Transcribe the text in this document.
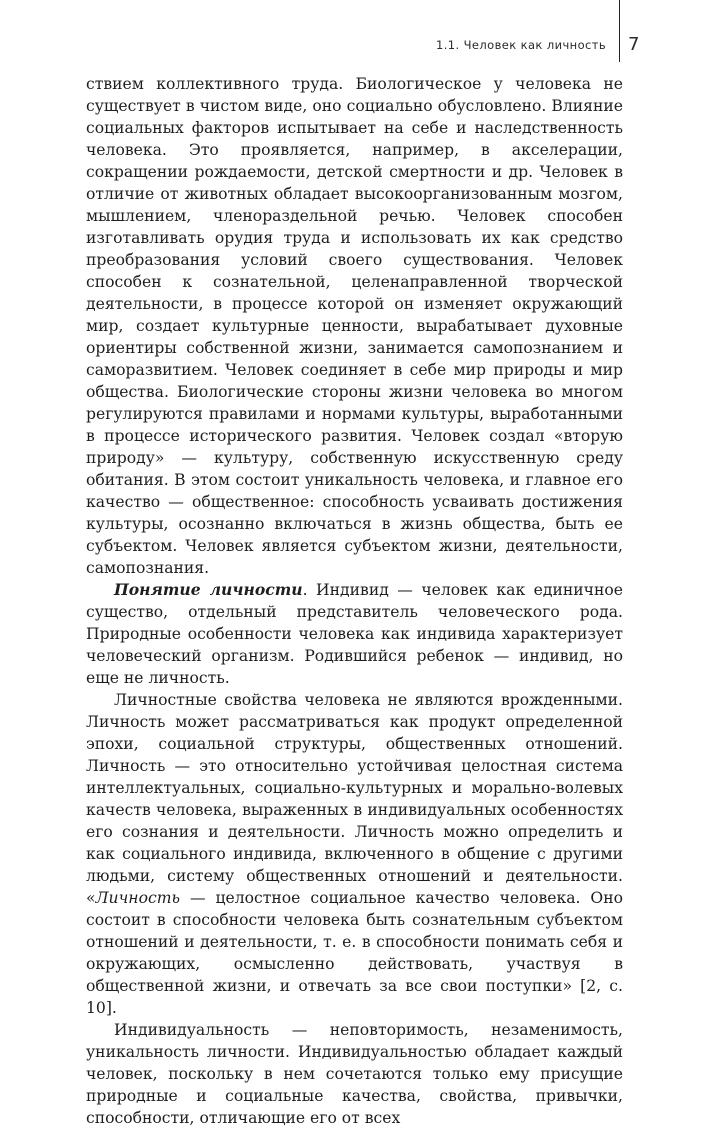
1.1. Человек как личность 7

ствием коллективного труда. Биологическое у человека не существует в чистом виде, оно социально обусловлено. Влияние социальных факторов испытывает на себе и наследственность человека. Это проявляется, например, в акселерации, сокращении рождаемости, детской смертности и др. Человек в отличие от животных обладает высокоорганизованным мозгом, мышлением, членораздельной речью. Человек способен изготавливать орудия труда и использовать их как средство преобразования условий своего существования. Человек способен к сознательной, целенаправленной творческой деятельности, в процессе которой он изменяет окружающий мир, создает культурные ценности, вырабатывает духовные ориентиры собственной жизни, занимается самопознанием и саморазвитием. Человек соединяет в себе мир природы и мир общества. Биологические стороны жизни человека во многом регулируются правилами и нормами культуры, выработанными в процессе исторического развития. Человек создал «вторую природу» — культуру, собственную искусственную среду обитания. В этом состоит уникальность человека, и главное его качество — общественное: способность усваивать достижения культуры, осознанно включаться в жизнь общества, быть ее субъектом. Человек является субъектом жизни, деятельности, самопознания.

Понятие личности. Индивид — человек как единичное существо, отдельный представитель человеческого рода. Природные особенности человека как индивида характеризует человеческий организм. Родившийся ребенок — индивид, но еще не личность.

Личностные свойства человека не являются врожденными. Личность может рассматриваться как продукт определенной эпохи, социальной структуры, общественных отношений. Личность — это относительно устойчивая целостная система интеллектуальных, социально-культурных и морально-волевых качеств человека, выраженных в индивидуальных особенностях его сознания и деятельности. Личность можно определить и как социального индивида, включенного в общение с другими людьми, систему общественных отношений и деятельности. «Личность — целостное социальное качество человека. Оно состоит в способности человека быть сознательным субъектом отношений и деятельности, т. е. в способности понимать себя и окружающих, осмысленно действовать, участвуя в общественной жизни, и отвечать за все свои поступки» [2, с. 10].

Индивидуальность — неповторимость, незаменимость, уникальность личности. Индивидуальностью обладает каждый человек, поскольку в нем сочетаются только ему присущие природные и социальные качества, свойства, привычки, способности, отличающие его от всех
